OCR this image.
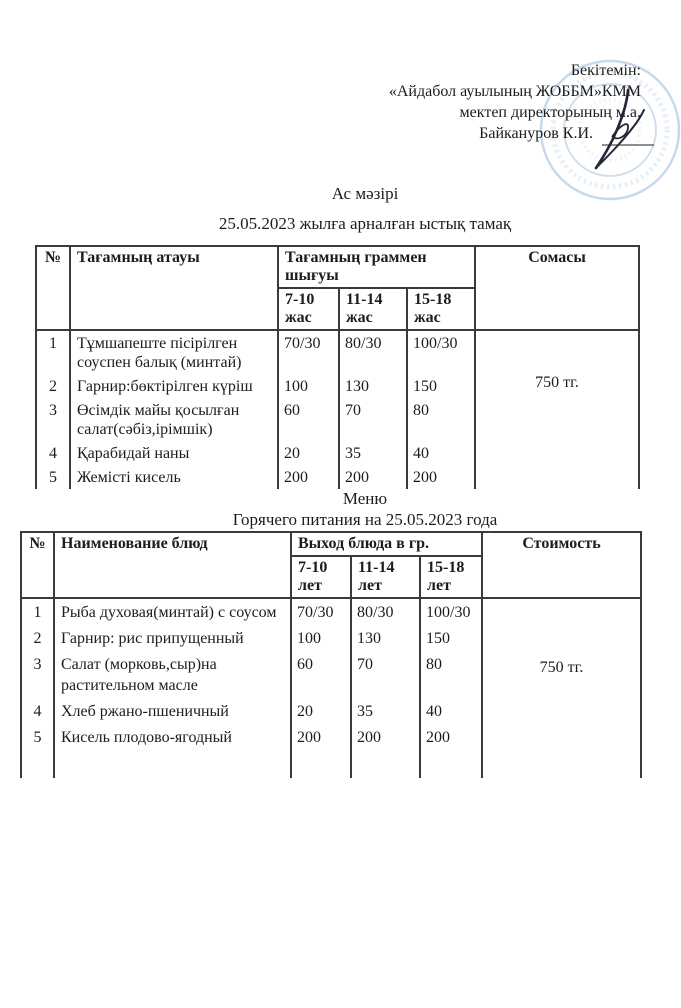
Бекітемін:
«Айдабол ауылының ЖОББМ»КММ
мектеп директорының м.а.
Байкануров К.И.
Ас мәзірі
25.05.2023 жылға арналған ыстық тамақ
№	Тағамның атауы	Тағамның граммен шығуы			Сомасы
		7-10 жас	11-14 жас	15-18 жас	
1	Тұмшапеште пісірілген соуспен балық (минтай)	70/30	80/30	100/30	750 тг.
2	Гарнир:бөктірілген күріш	100	130	150	
3	Өсімдік майы қосылған салат(сәбіз,ірімшік)	60	70	80	
4	Қарабидай наны	20	35	40	
5	Жемісті кисель	200	200	200	
Меню
Горячего питания на 25.05.2023 года
№	Наименование блюд	Выход блюда в гр.			Стоимость
		7-10 лет	11-14 лет	15-18 лет	
1	Рыба духовая(минтай) с соусом	70/30	80/30	100/30	750 тг.
2	Гарнир: рис припущенный	100	130	150	
3	Салат (морковь,сыр)на растительном масле	60	70	80	
4	Хлеб ржано-пшеничный	20	35	40	
5	Кисель плодово-ягодный	200	200	200	
